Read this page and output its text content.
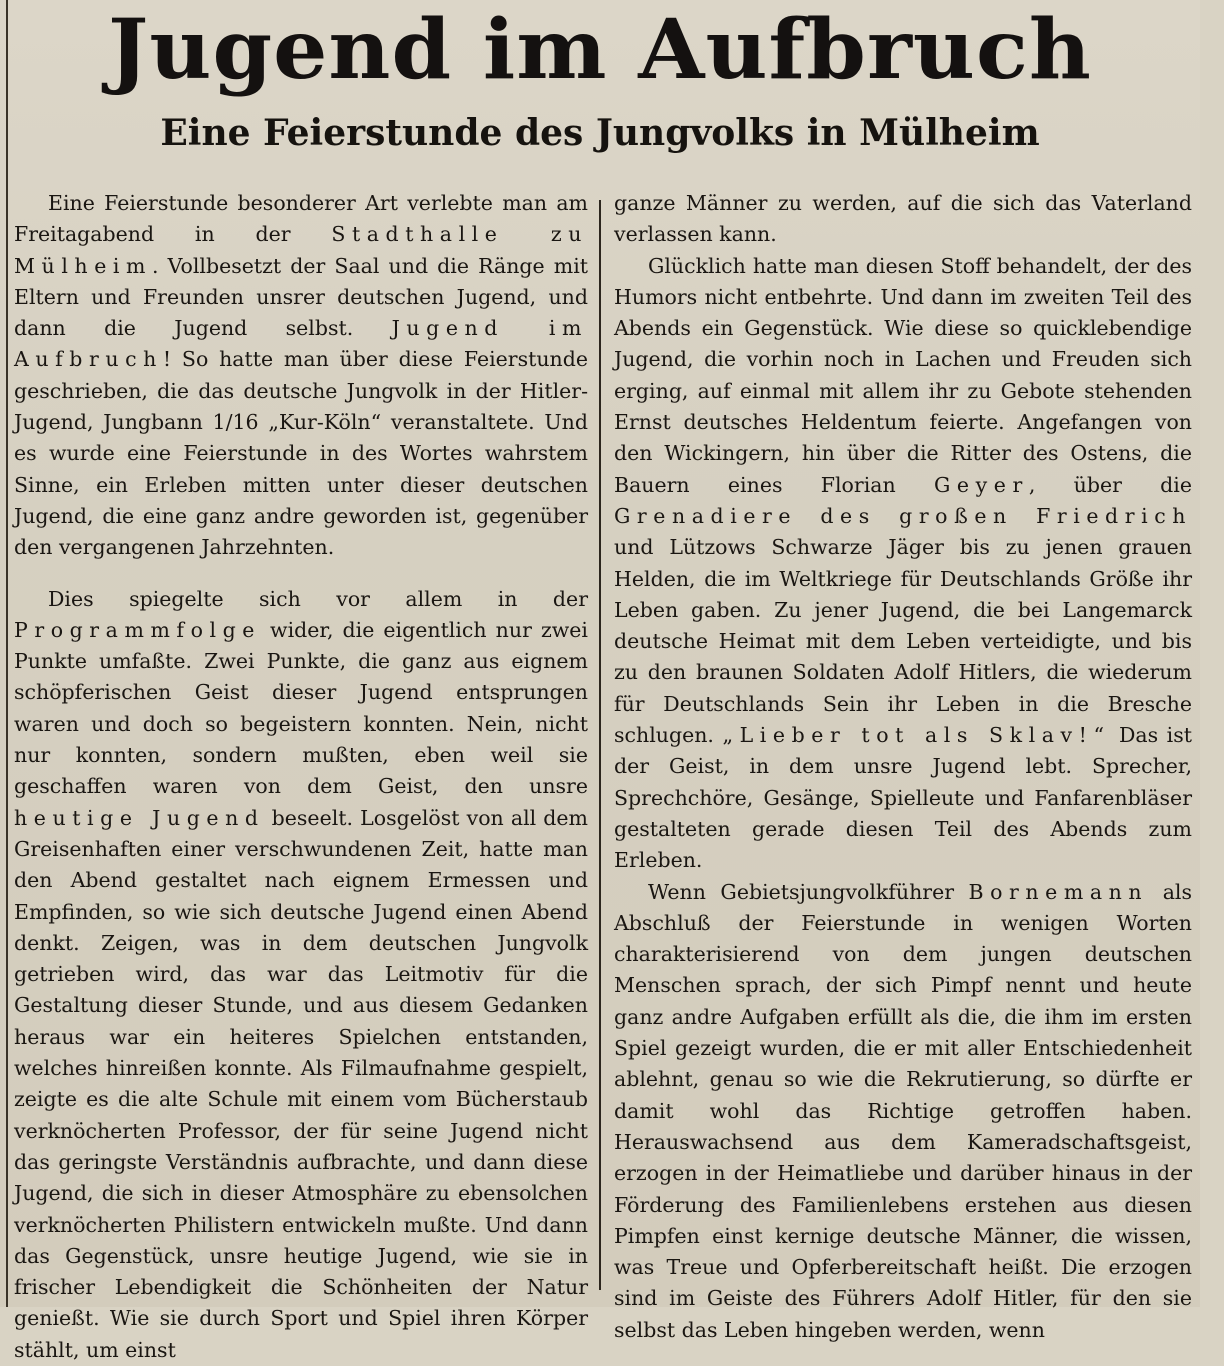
Jugend im Aufbruch
Eine Feierstunde des Jungvolks in Mülheim

Eine Feierstunde besonderer Art verlebte man am Freitagabend in der Stadthalle zu Mülheim. Vollbesetzt der Saal und die Ränge mit Eltern und Freunden unsrer deutschen Jugend, und dann die Jugend selbst. Jugend im Aufbruch! So hatte man über diese Feierstunde geschrieben, die das deutsche Jungvolk in der Hitler-Jugend, Jungbann 1/16 „Kur-Köln“ veranstaltete. Und es wurde eine Feierstunde in des Wortes wahrstem Sinne, ein Erleben mitten unter dieser deutschen Jugend, die eine ganz andre geworden ist, gegenüber den vergangenen Jahrzehnten.

Dies spiegelte sich vor allem in der Programmfolge wider, die eigentlich nur zwei Punkte umfaßte. Zwei Punkte, die ganz aus eignem schöpferischen Geist dieser Jugend entsprungen waren und doch so begeistern konnten. Nein, nicht nur konnten, sondern mußten, eben weil sie geschaffen waren von dem Geist, den unsre heutige Jugend beseelt. Losgelöst von all dem Greisenhaften einer verschwundenen Zeit, hatte man den Abend gestaltet nach eignem Ermessen und Empfinden, so wie sich deutsche Jugend einen Abend denkt. Zeigen, was in dem deutschen Jungvolk getrieben wird, das war das Leitmotiv für die Gestaltung dieser Stunde, und aus diesem Gedanken heraus war ein heiteres Spielchen entstanden, welches hinreißen konnte. Als Filmaufnahme gespielt, zeigte es die alte Schule mit einem vom Bücherstaub verknöcherten Professor, der für seine Jugend nicht das geringste Verständnis aufbrachte, und dann diese Jugend, die sich in dieser Atmosphäre zu ebensolchen verknöcherten Philistern entwickeln mußte. Und dann das Gegenstück, unsre heutige Jugend, wie sie in frischer Lebendigkeit die Schönheiten der Natur genießt. Wie sie durch Sport und Spiel ihren Körper stählt, um einst

ganze Männer zu werden, auf die sich das Vaterland verlassen kann.

Glücklich hatte man diesen Stoff behandelt, der des Humors nicht entbehrte. Und dann im zweiten Teil des Abends ein Gegenstück. Wie diese so quicklebendige Jugend, die vorhin noch in Lachen und Freuden sich erging, auf einmal mit allem ihr zu Gebote stehenden Ernst deutsches Heldentum feierte. Angefangen von den Wickingern, hin über die Ritter des Ostens, die Bauern eines Florian Geyer, über die Grenadiere des großen Friedrich und Lützows Schwarze Jäger bis zu jenen grauen Helden, die im Weltkriege für Deutschlands Größe ihr Leben gaben. Zu jener Jugend, die bei Langemarck deutsche Heimat mit dem Leben verteidigte, und bis zu den braunen Soldaten Adolf Hitlers, die wiederum für Deutschlands Sein ihr Leben in die Bresche schlugen. „Lieber tot als Sklav!“ Das ist der Geist, in dem unsre Jugend lebt. Sprecher, Sprechchöre, Gesänge, Spielleute und Fanfarenbläser gestalteten gerade diesen Teil des Abends zum Erleben.

Wenn Gebietsjungvolkführer Bornemann als Abschluß der Feierstunde in wenigen Worten charakterisierend von dem jungen deutschen Menschen sprach, der sich Pimpf nennt und heute ganz andre Aufgaben erfüllt als die, die ihm im ersten Spiel gezeigt wurden, die er mit aller Entschiedenheit ablehnt, genau so wie die Rekrutierung, so dürfte er damit wohl das Richtige getroffen haben. Herauswachsend aus dem Kameradschaftsgeist, erzogen in der Heimatliebe und darüber hinaus in der Förderung des Familienlebens erstehen aus diesen Pimpfen einst kernige deutsche Männer, die wissen, was Treue und Opferbereitschaft heißt. Die erzogen sind im Geiste des Führers Adolf Hitler, für den sie selbst das Leben hingeben werden, wenn
